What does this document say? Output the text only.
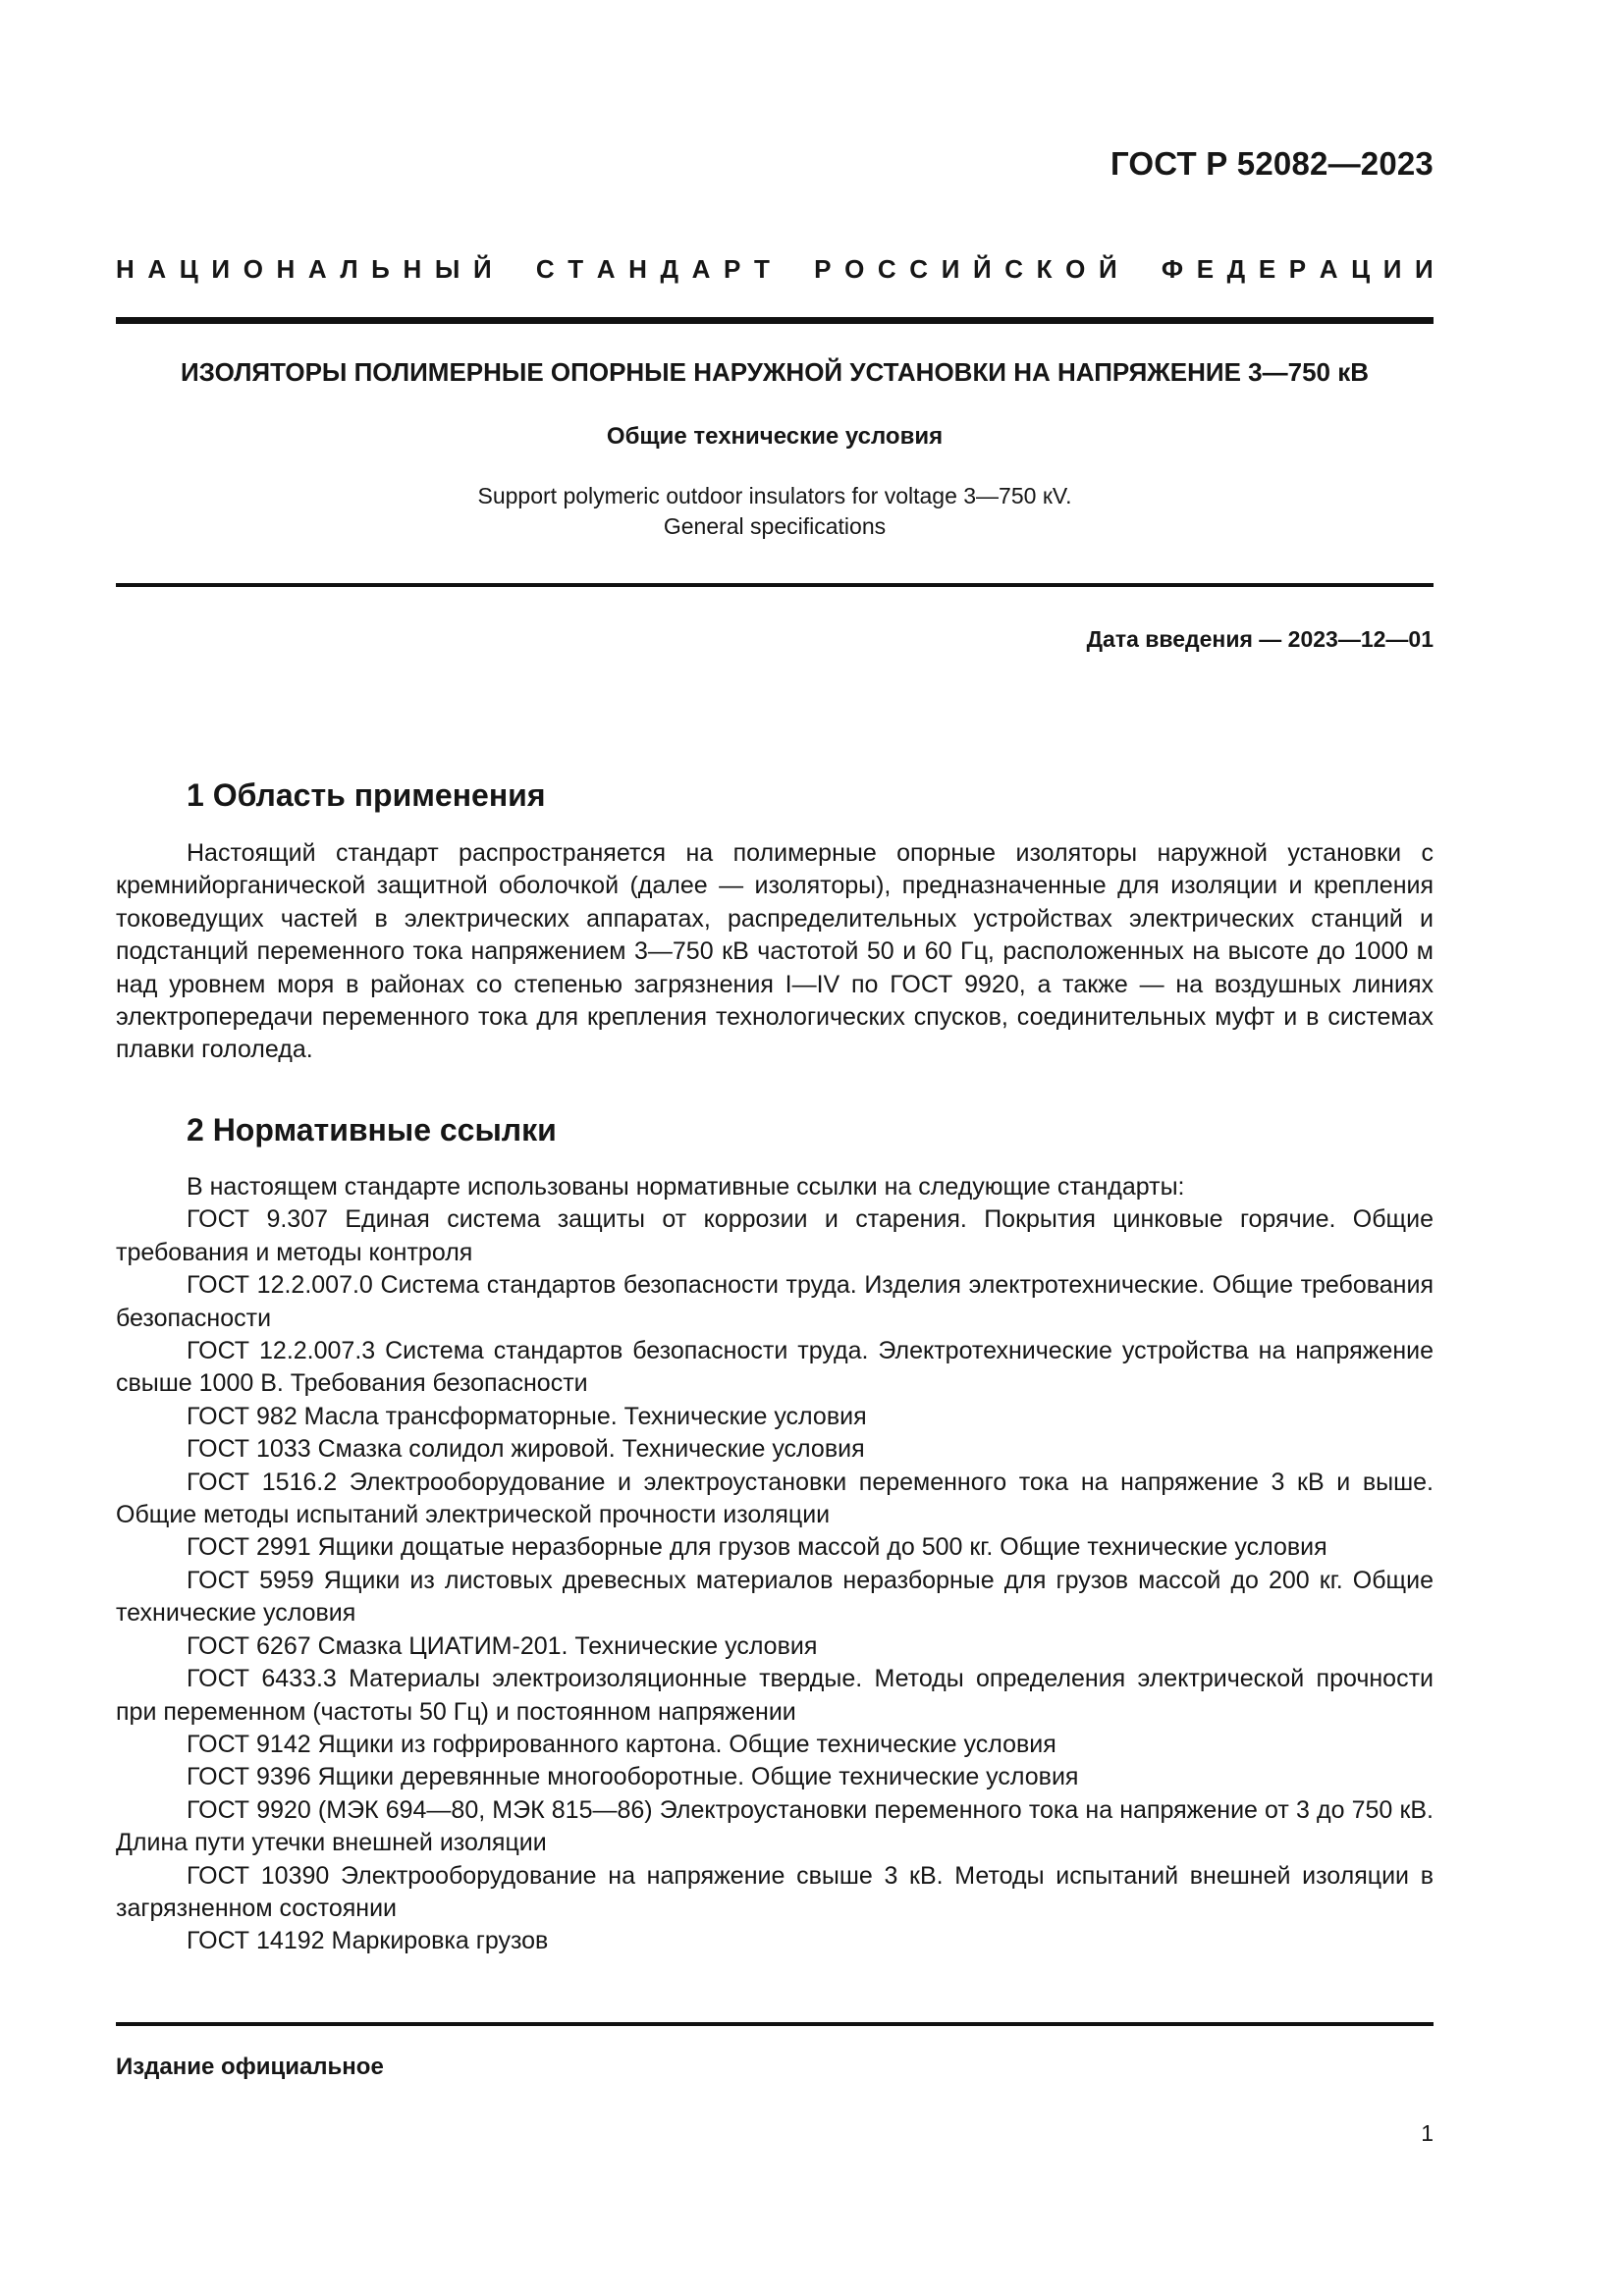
ГОСТ Р 52082—2023
Н А Ц И О Н А Л Ь Н Ы Й С Т А Н Д А Р Т Р О С С И Й С К О Й Ф Е Д Е Р А Ц И И
ИЗОЛЯТОРЫ ПОЛИМЕРНЫЕ ОПОРНЫЕ НАРУЖНОЙ УСТАНОВКИ НА НАПРЯЖЕНИЕ 3—750 кВ
Общие технические условия
Support polymeric outdoor insulators for voltage 3—750 кV.
General specifications
Дата введения — 2023—12—01
1 Область применения

Настоящий стандарт распространяется на полимерные опорные изоляторы наружной установки с кремнийорганической защитной оболочкой (далее — изоляторы), предназначенные для изоляции и крепления токоведущих частей в электрических аппаратах, распределительных устройствах электрических станций и подстанций переменного тока напряжением 3—750 кВ частотой 50 и 60 Гц, расположенных на высоте до 1000 м над уровнем моря в районах со степенью загрязнения I—IV по ГОСТ 9920, а также — на воздушных линиях электропередачи переменного тока для крепления технологических спусков, соединительных муфт и в системах плавки гололеда.

2 Нормативные ссылки

В настоящем стандарте использованы нормативные ссылки на следующие стандарты:

ГОСТ 9.307 Единая система защиты от коррозии и старения. Покрытия цинковые горячие. Общие требования и методы контроля

ГОСТ 12.2.007.0 Система стандартов безопасности труда. Изделия электротехнические. Общие требования безопасности

ГОСТ 12.2.007.3 Система стандартов безопасности труда. Электротехнические устройства на напряжение свыше 1000 В. Требования безопасности

ГОСТ 982 Масла трансформаторные. Технические условия

ГОСТ 1033 Смазка солидол жировой. Технические условия

ГОСТ 1516.2 Электрооборудование и электроустановки переменного тока на напряжение 3 кВ и выше. Общие методы испытаний электрической прочности изоляции

ГОСТ 2991 Ящики дощатые неразборные для грузов массой до 500 кг. Общие технические условия

ГОСТ 5959 Ящики из листовых древесных материалов неразборные для грузов массой до 200 кг. Общие технические условия

ГОСТ 6267 Смазка ЦИАТИМ-201. Технические условия

ГОСТ 6433.3 Материалы электроизоляционные твердые. Методы определения электрической прочности при переменном (частоты 50 Гц) и постоянном напряжении

ГОСТ 9142 Ящики из гофрированного картона. Общие технические условия

ГОСТ 9396 Ящики деревянные многооборотные. Общие технические условия

ГОСТ 9920 (МЭК 694—80, МЭК 815—86) Электроустановки переменного тока на напряжение от 3 до 750 кВ. Длина пути утечки внешней изоляции

ГОСТ 10390 Электрооборудование на напряжение свыше 3 кВ. Методы испытаний внешней изоляции в загрязненном состоянии

ГОСТ 14192 Маркировка грузов

Издание официальное
1
